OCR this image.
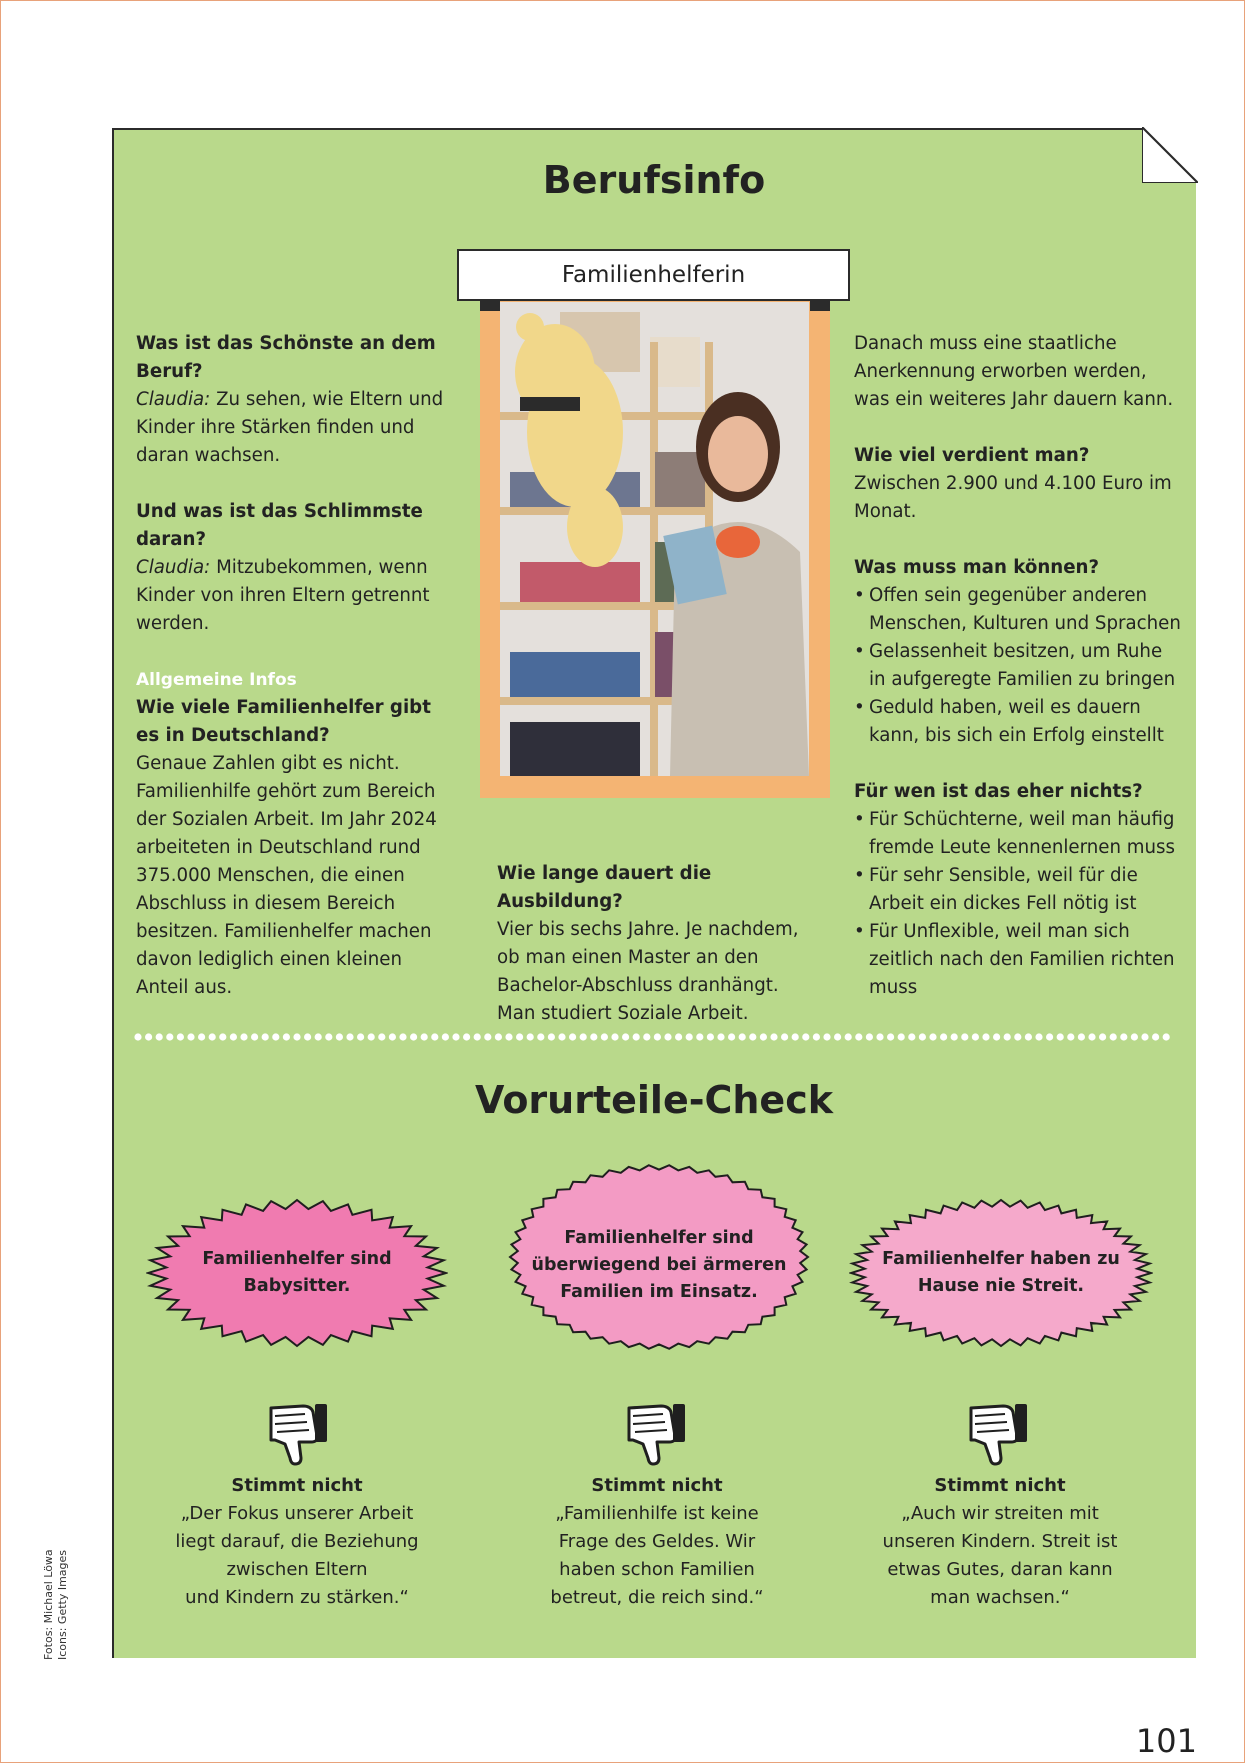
Berufsinfo
Familienhelferin

Was ist das Schönste an dem Beruf?
Claudia: Zu sehen, wie Eltern und Kinder ihre Stärken finden und daran wachsen.

Und was ist das Schlimmste daran?
Claudia: Mitzubekommen, wenn Kinder von ihren Eltern getrennt werden.

Allgemeine Infos
Wie viele Familienhelfer gibt es in Deutschland?
Genaue Zahlen gibt es nicht. Familienhilfe gehört zum Bereich der Sozialen Arbeit. Im Jahr 2024 arbeiteten in Deutschland rund 375.000 Menschen, die einen Abschluss in diesem Bereich besitzen. Familienhelfer machen davon lediglich einen kleinen Anteil aus.
Wie lange dauert die Ausbildung?
Vier bis sechs Jahre. Je nachdem, ob man einen Master an den Bachelor-Abschluss dranhängt. Man studiert Soziale Arbeit.

Danach muss eine staatliche Anerkennung erworben werden, was ein weiteres Jahr dauern kann.

Wie viel verdient man?
Zwischen 2.900 und 4.100 Euro im Monat.

Was muss man können?
• Offen sein gegenüber anderen Menschen, Kulturen und Sprachen
• Gelassenheit besitzen, um Ruhe in aufgeregte Familien zu bringen
• Geduld haben, weil es dauern kann, bis sich ein Erfolg einstellt
Für wen ist das eher nichts?
• Für Schüchterne, weil man häufig fremde Leute kennenlernen muss
• Für sehr Sensible, weil für die Arbeit ein dickes Fell nötig ist
• Für Unflexible, weil man sich zeitlich nach den Familien richten muss
Vorurteile-Check
Familienhelfer sind Babysitter.
Familienhelfer sind überwiegend bei ärmeren Familien im Einsatz.
Familienhelfer haben zu Hause nie Streit.
Stimmt nicht
„Der Fokus unserer Arbeit
liegt darauf, die Beziehung
zwischen Eltern
und Kindern zu stärken.“
Stimmt nicht
„Familienhilfe ist keine
Frage des Geldes. Wir
haben schon Familien
betreut, die reich sind.“
Stimmt nicht
„Auch wir streiten mit
unseren Kindern. Streit ist
etwas Gutes, daran kann
man wachsen.“
Fotos: Michael Löwa Icons: Getty Images
101
